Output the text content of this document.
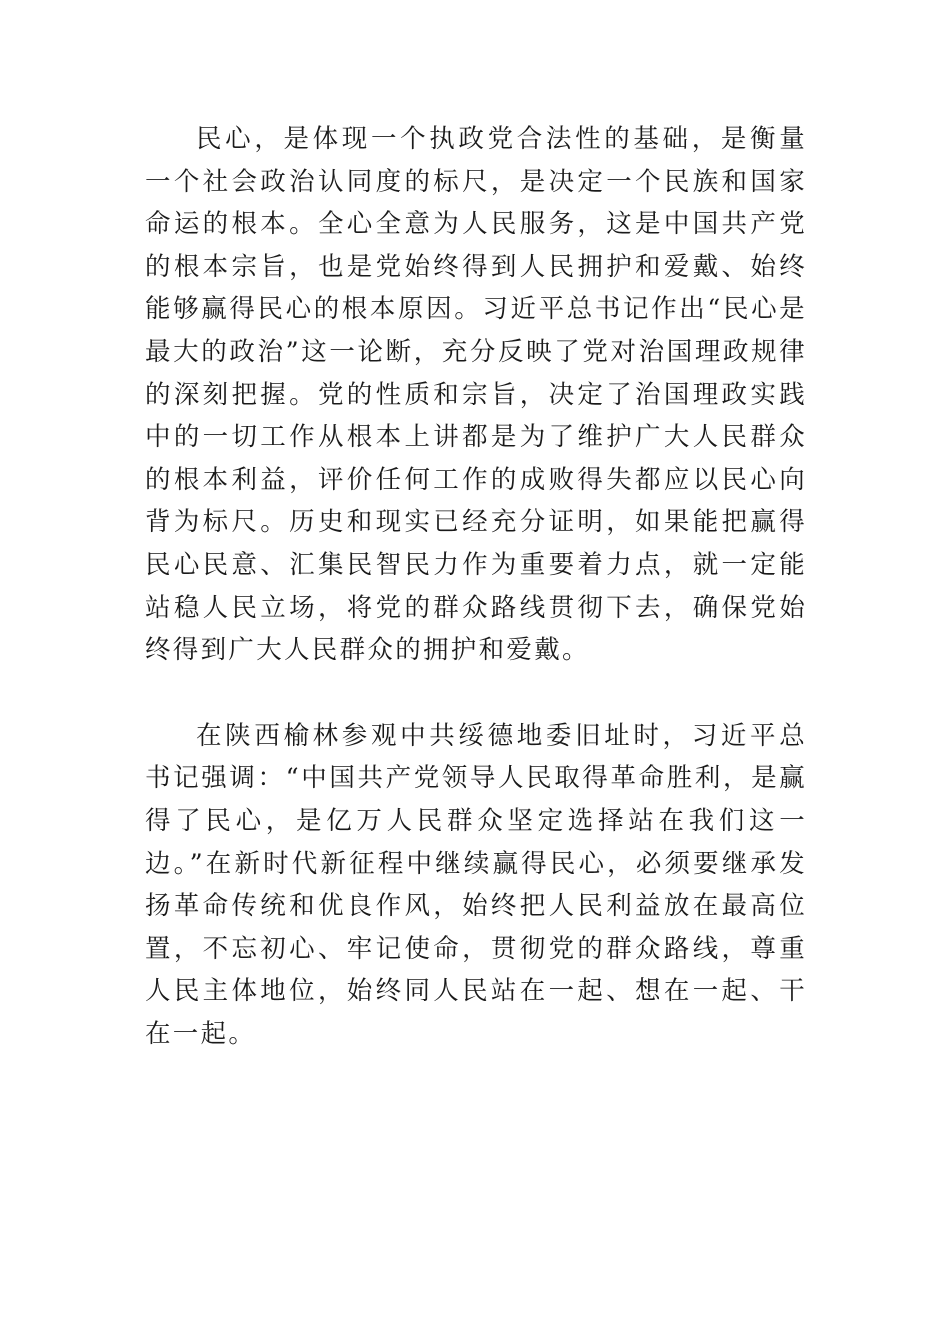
民心，是体现一个执政党合法性的基础，是衡量一个社会政治认同度的标尺，是决定一个民族和国家命运的根本。全心全意为人民服务，这是中国共产党的根本宗旨，也是党始终得到人民拥护和爱戴、始终能够赢得民心的根本原因。习近平总书记作出“民心是最大的政治”这一论断，充分反映了党对治国理政规律的深刻把握。党的性质和宗旨，决定了治国理政实践中的一切工作从根本上讲都是为了维护广大人民群众的根本利益，评价任何工作的成败得失都应以民心向背为标尺。历史和现实已经充分证明，如果能把赢得民心民意、汇集民智民力作为重要着力点，就一定能站稳人民立场，将党的群众路线贯彻下去，确保党始终得到广大人民群众的拥护和爱戴。

在陕西榆林参观中共绥德地委旧址时，习近平总书记强调：“中国共产党领导人民取得革命胜利，是赢得了民心，是亿万人民群众坚定选择站在我们这一边。”在新时代新征程中继续赢得民心，必须要继承发扬革命传统和优良作风，始终把人民利益放在最高位置，不忘初心、牢记使命，贯彻党的群众路线，尊重人民主体地位，始终同人民站在一起、想在一起、干在一起。
